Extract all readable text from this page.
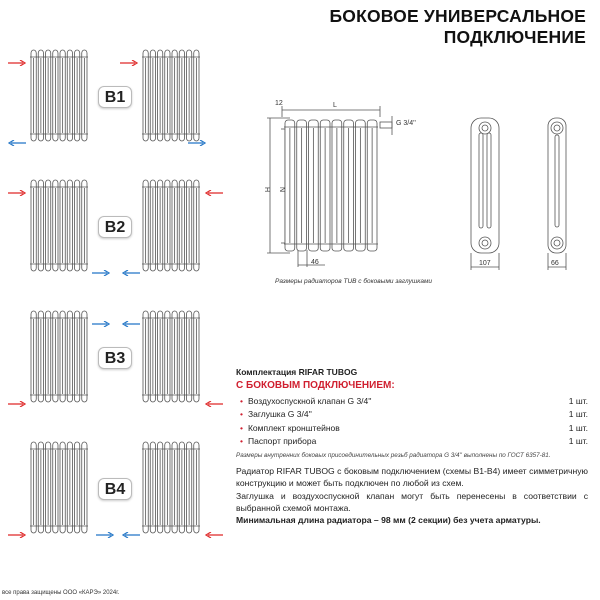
БОКОВОЕ УНИВЕРСАЛЬНОЕ
ПОДКЛЮЧЕНИЕ
B1
B2
B3
B4
12	L
H N
46
G 3/4''
107	66
Размеры радиаторов TUB с боковыми заглушками
Комплектация RIFAR TUBOG
С БОКОВЫМ ПОДКЛЮЧЕНИЕМ:
• Воздухоспускной клапан G 3/4''	1 шт.
• Заглушка G 3/4''	1 шт.
• Комплект кронштейнов	1 шт.
• Паспорт прибора	1 шт.
Размеры внутренних боковых присоединительных резьб радиатора G 3/4'' выполнены по ГОСТ 6357-81.
Радиатор RIFAR TUBOG с боковым подключением (схемы В1-В4) имеет симметричную конструкцию и может быть подключен по любой из схем.
Заглушка и воздухоспускной клапан могут быть перенесены в соответствии с выбранной схемой монтажа.
Минимальная длина радиатора – 98 мм (2 секции) без учета арматуры.
все права защищены ООО «КАРЭ» 2024г.
